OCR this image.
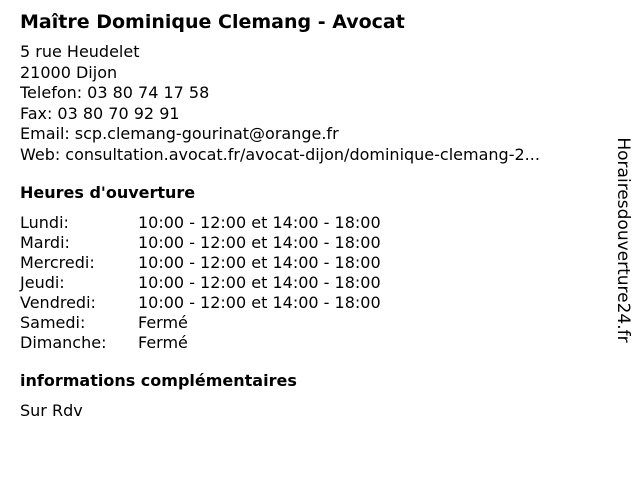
Maître Dominique Clemang - Avocat
5 rue Heudelet
21000 Dijon
Telefon: 03 80 74 17 58
Fax: 03 80 70 92 91
Email: scp.clemang-gourinat@orange.fr
Web: consultation.avocat.fr/avocat-dijon/dominique-clemang-2...
Heures d'ouverture
Lundi:	10:00 - 12:00 et 14:00 - 18:00
Mardi:	10:00 - 12:00 et 14:00 - 18:00
Mercredi:	10:00 - 12:00 et 14:00 - 18:00
Jeudi:	10:00 - 12:00 et 14:00 - 18:00
Vendredi:	10:00 - 12:00 et 14:00 - 18:00
Samedi:	Fermé
Dimanche:	Fermé
informations complémentaires

Sur Rdv

Horairesdouverture24.fr
